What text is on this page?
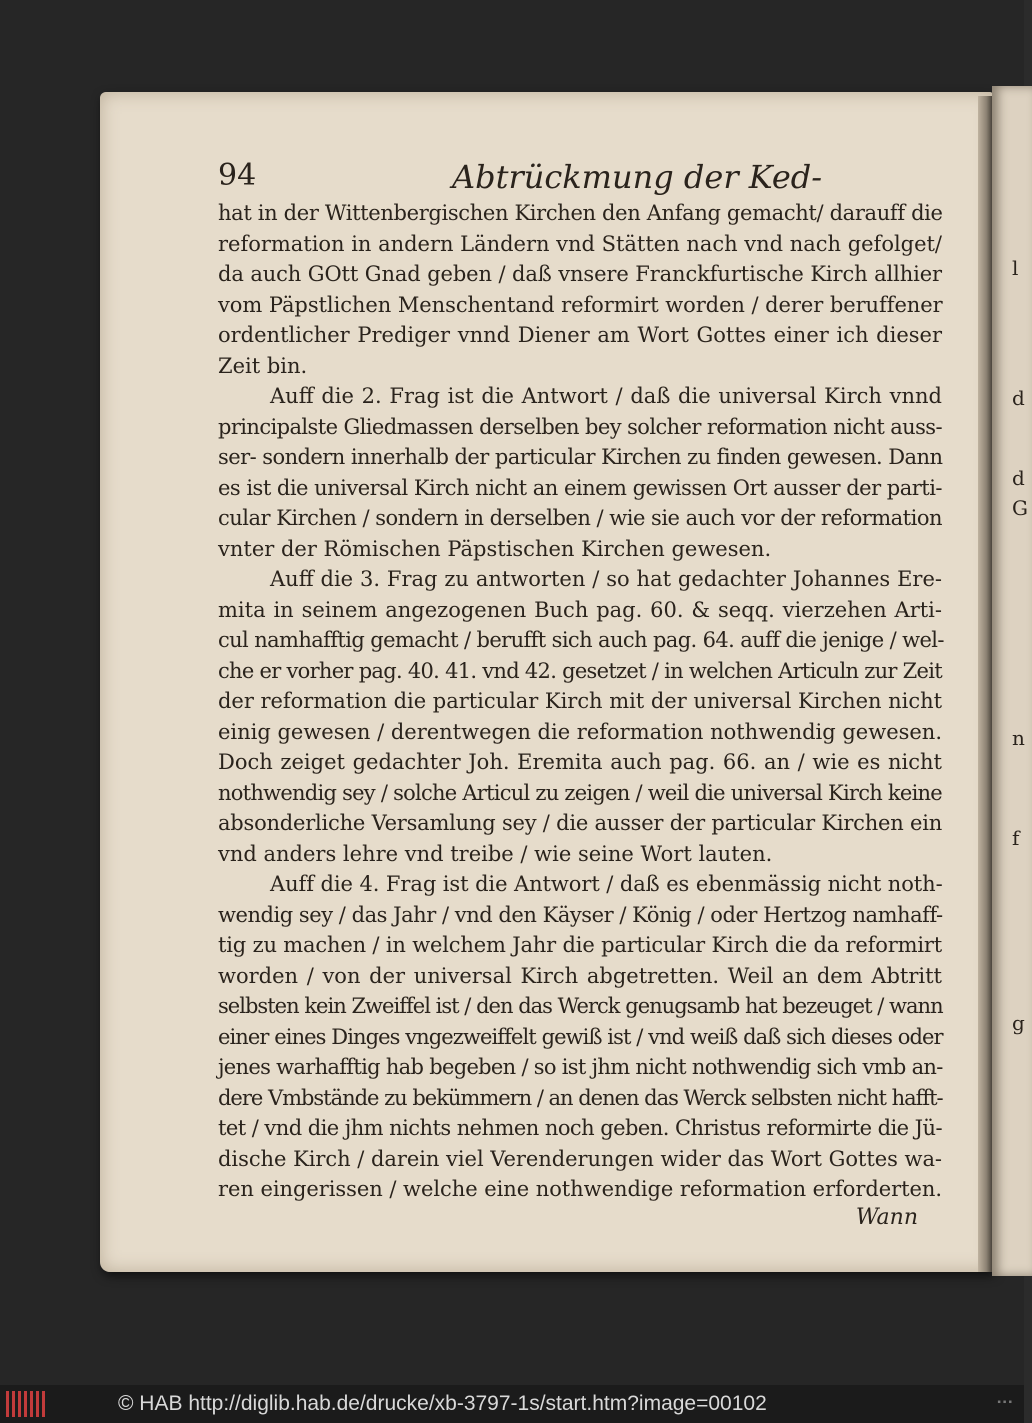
l
d
d
G
n
f
g
94	Abtrückmung der Ked-
hat in der Wittenbergischen Kirchen den Anfang gemacht/ darauff die
reformation in andern Ländern vnd Stätten nach vnd nach gefolget/
da auch GOtt Gnad geben / daß vnsere Franckfurtische Kirch allhier
vom Päpstlichen Menschentand reformirt worden / derer beruffener
ordentlicher Prediger vnnd Diener am Wort Gottes einer ich dieser
Zeit bin.
Auff die 2. Frag ist die Antwort / daß die universal Kirch vnnd
principalste Gliedmassen derselben bey solcher reformation nicht auss-
ser- sondern innerhalb der particular Kirchen zu finden gewesen. Dann
es ist die universal Kirch nicht an einem gewissen Ort ausser der parti-
cular Kirchen / sondern in derselben / wie sie auch vor der reformation
vnter der Römischen Päpstischen Kirchen gewesen.
Auff die 3. Frag zu antworten / so hat gedachter Johannes Ere-
mita in seinem angezogenen Buch pag. 60. & seqq. vierzehen Arti-
cul namhafftig gemacht / berufft sich auch pag. 64. auff die jenige / wel-
che er vorher pag. 40. 41. vnd 42. gesetzet / in welchen Articuln zur Zeit
der reformation die particular Kirch mit der universal Kirchen nicht
einig gewesen / derentwegen die reformation nothwendig gewesen.
Doch zeiget gedachter Joh. Eremita auch pag. 66. an / wie es nicht
nothwendig sey / solche Articul zu zeigen / weil die universal Kirch keine
absonderliche Versamlung sey / die ausser der particular Kirchen ein
vnd anders lehre vnd treibe / wie seine Wort lauten.
Auff die 4. Frag ist die Antwort / daß es ebenmässig nicht noth-
wendig sey / das Jahr / vnd den Käyser / König / oder Hertzog namhaff-
tig zu machen / in welchem Jahr die particular Kirch die da reformirt
worden / von der universal Kirch abgetretten. Weil an dem Abtritt
selbsten kein Zweiffel ist / den das Werck genugsamb hat bezeuget / wann
einer eines Dinges vngezweiffelt gewiß ist / vnd weiß daß sich dieses oder
jenes warhafftig hab begeben / so ist jhm nicht nothwendig sich vmb an-
dere Vmbstände zu bekümmern / an denen das Werck selbsten nicht hafft-
tet / vnd die jhm nichts nehmen noch geben. Christus reformirte die Jü-
dische Kirch / darein viel Verenderungen wider das Wort Gottes wa-
ren eingerissen / welche eine nothwendige reformation erforderten.
Wann
© HAB http://diglib.hab.de/drucke/xb-3797-1s/start.htm?image=00102	▪▪▪
